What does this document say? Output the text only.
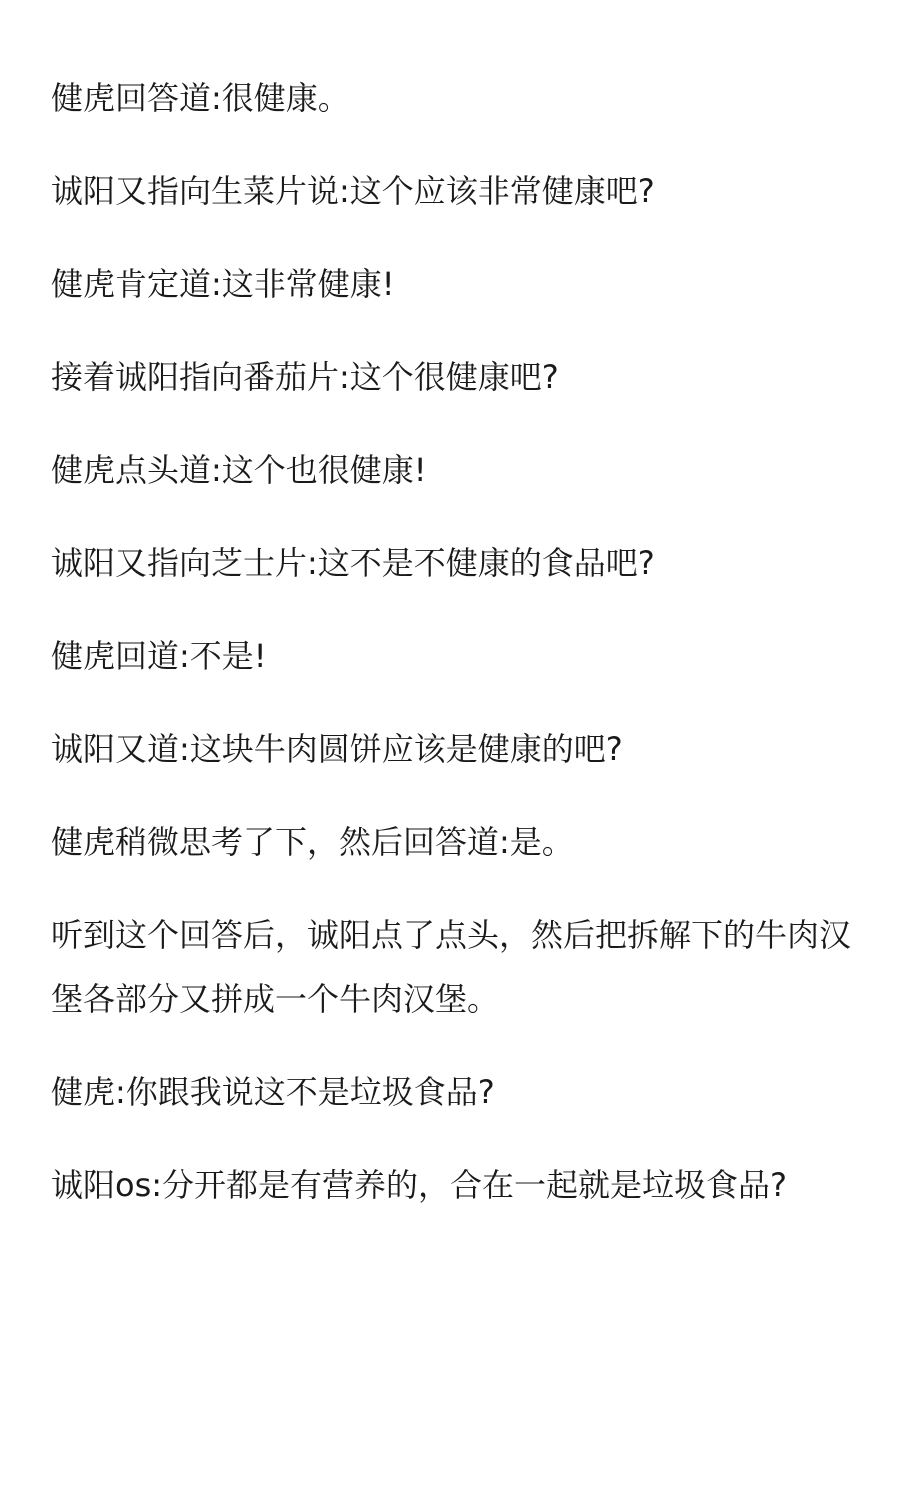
健虎回答道:很健康。

诚阳又指向生菜片说:这个应该非常健康吧?

健虎肯定道:这非常健康!

接着诚阳指向番茄片:这个很健康吧?

健虎点头道:这个也很健康!

诚阳又指向芝士片:这不是不健康的食品吧?

健虎回道:不是!

诚阳又道:这块牛肉圆饼应该是健康的吧?

健虎稍微思考了下，然后回答道:是。

听到这个回答后，诚阳点了点头，然后把拆解下的牛肉汉堡各部分又拼成一个牛肉汉堡。

健虎:你跟我说这不是垃圾食品?

诚阳os:分开都是有营养的，合在一起就是垃圾食品?
